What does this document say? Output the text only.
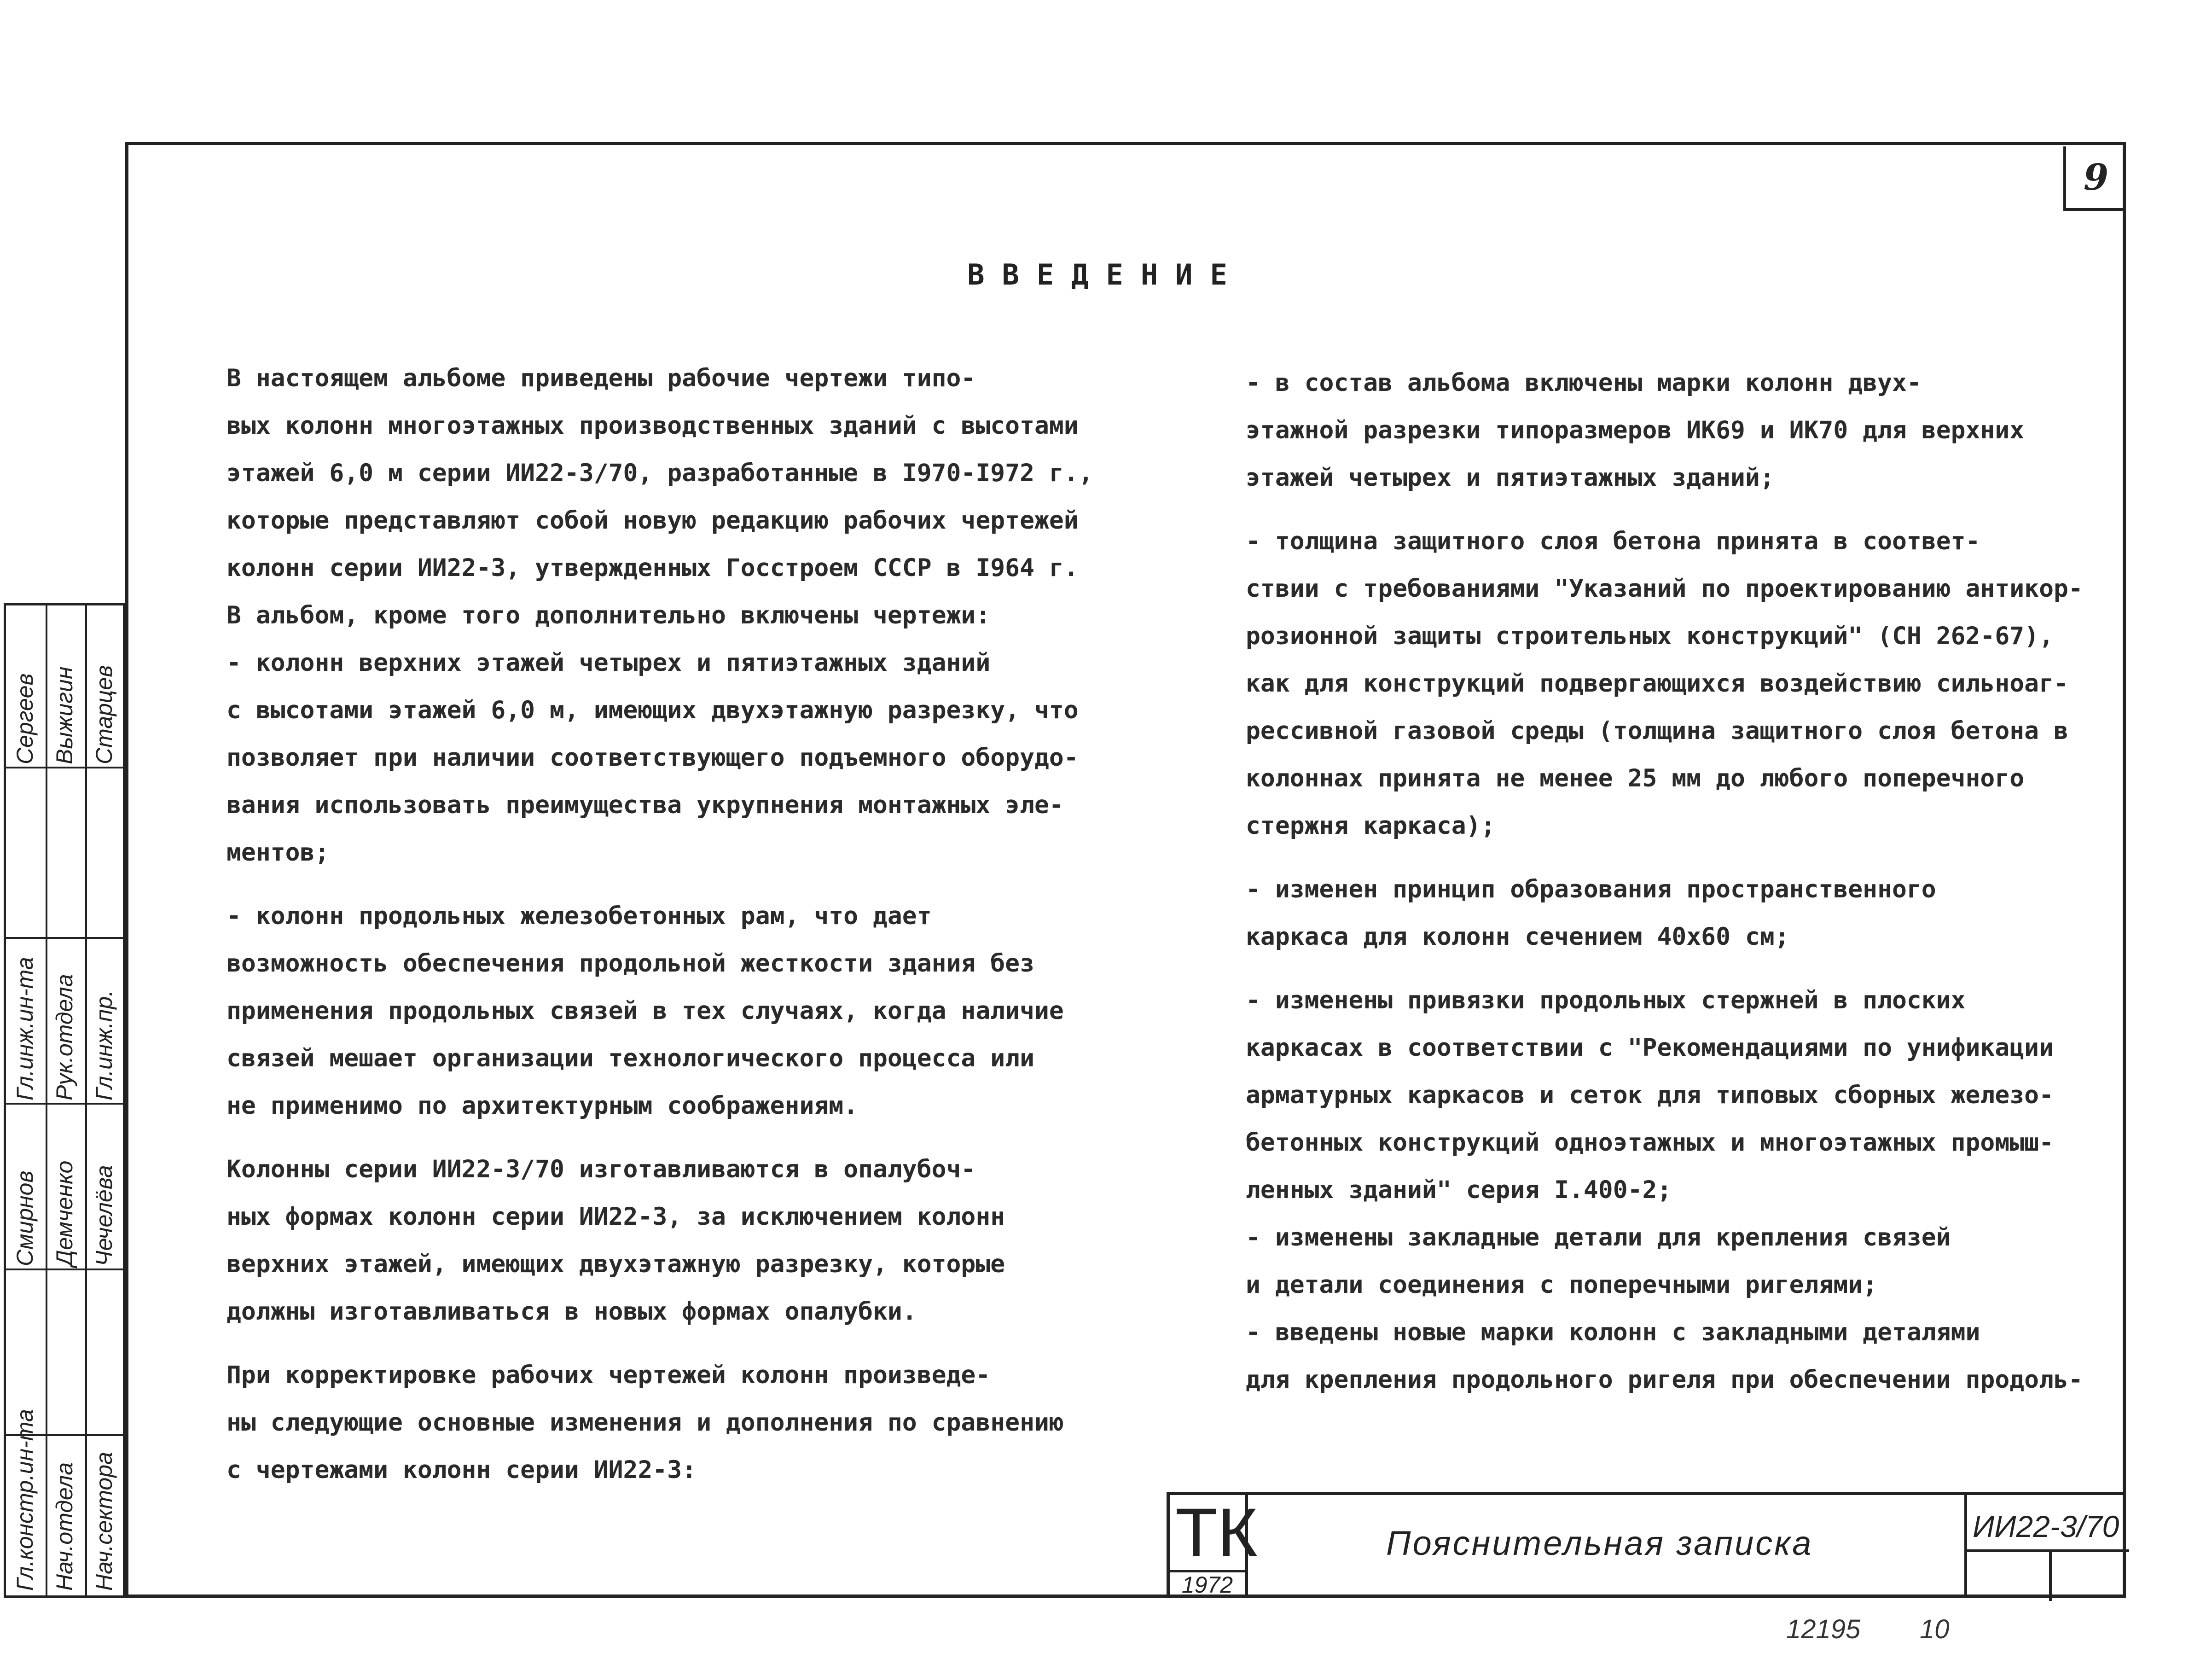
9
ВВЕДЕНИЕ
В настоящем альбоме приведены рабочие чертежи типо-
вых колонн многоэтажных производственных зданий с высотами
этажей 6,0 м серии ИИ22-3/70, разработанные в I970-I972 г.,
которые представляют собой новую редакцию рабочих чертежей
колонн серии ИИ22-3, утвержденных Госстроем СССР в I964 г.
В альбом, кроме того дополнительно включены чертежи:
- колонн верхних этажей четырех и пятиэтажных зданий
с высотами этажей 6,0 м, имеющих двухэтажную разрезку, что
позволяет при наличии соответствующего подъемного оборудо-
вания использовать преимущества укрупнения монтажных эле-
ментов;
- колонн продольных железобетонных рам, что дает
возможность обеспечения продольной жесткости здания без
применения продольных связей в тех случаях, когда наличие
связей мешает организации технологического процесса или
не применимо по архитектурным соображениям.
Колонны серии ИИ22-3/70 изготавливаются в опалубоч-
ных формах колонн серии ИИ22-3, за исключением колонн
верхних этажей, имеющих двухэтажную разрезку, которые
должны изготавливаться в новых формах опалубки.
При корректировке рабочих чертежей колонн произведе-
ны следующие основные изменения и дополнения по сравнению
с чертежами колонн серии ИИ22-3:
- в состав альбома включены марки колонн двух-
этажной разрезки типоразмеров ИК69 и ИК70 для верхних
этажей четырех и пятиэтажных зданий;
- толщина защитного слоя бетона принята в соответ-
ствии с требованиями "Указаний по проектированию антикор-
розионной защиты строительных конструкций" (СН 262-67),
как для конструкций подвергающихся воздействию сильноаг-
рессивной газовой среды (толщина защитного слоя бетона в
колоннах принята не менее 25 мм до любого поперечного
стержня каркаса);
- изменен принцип образования пространственного
каркаса для колонн сечением 40х60 см;
- изменены привязки продольных стержней в плоских
каркасах в соответствии с "Рекомендациями по унификации
арматурных каркасов и сеток для типовых сборных железо-
бетонных конструкций одноэтажных и многоэтажных промыш-
ленных зданий" серия I.400-2;
- изменены закладные детали для крепления связей
и детали соединения с поперечными ригелями;
- введены новые марки колонн с закладными деталями
для крепления продольного ригеля при обеспечении продоль-
Гл.констр.ин-та Нач.отдела Нач.сектора
Гл.инж.ин-та Рук.отдела Гл.инж.пр.
Смирнов Демченко Чечелёва
Сергеев Выжигин Старцев
ТК
1972
Пояснительная записка	ИИ22-3/70
12195 10
